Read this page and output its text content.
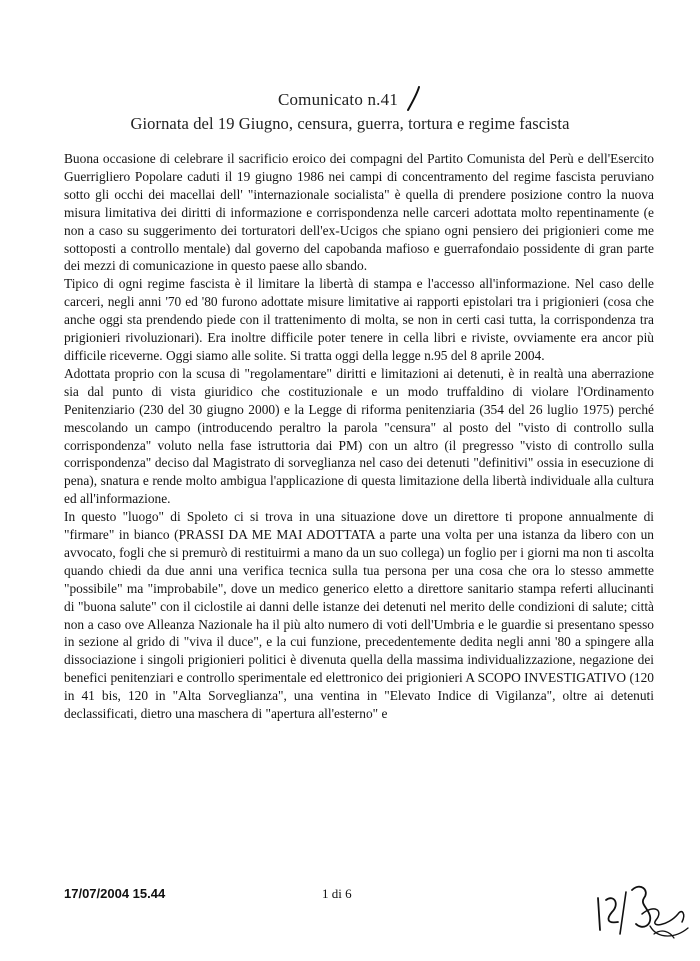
Comunicato n.41
Giornata del 19 Giugno, censura, guerra, tortura e regime fascista

Buona occasione di celebrare il sacrificio eroico dei compagni del Partito Comunista del Perù e dell'Esercito Guerrigliero Popolare caduti il 19 giugno 1986 nei campi di concentramento del regime fascista peruviano sotto gli occhi dei macellai dell' "internazionale socialista" è quella di prendere posizione contro la nuova misura limitativa dei diritti di informazione e corrispondenza nelle carceri adottata molto repentinamente (e non a caso su suggerimento dei torturatori dell'ex-Ucigos che spiano ogni pensiero dei prigionieri come me sottoposti a controllo mentale) dal governo del capobanda mafioso e guerrafondaio possidente di gran parte dei mezzi di comunicazione in questo paese allo sbando.

Tipico di ogni regime fascista è il limitare la libertà di stampa e l'accesso all'informazione. Nel caso delle carceri, negli anni '70 ed '80 furono adottate misure limitative ai rapporti epistolari tra i prigionieri (cosa che anche oggi sta prendendo piede con il trattenimento di molta, se non in certi casi tutta, la corrispondenza tra prigionieri rivoluzionari). Era inoltre difficile poter tenere in cella libri e riviste, ovviamente era ancor più difficile riceverne. Oggi siamo alle solite. Si tratta oggi della legge n.95 del 8 aprile 2004.

Adottata proprio con la scusa di "regolamentare" diritti e limitazioni ai detenuti, è in realtà una aberrazione sia dal punto di vista giuridico che costituzionale e un modo truffaldino di violare l'Ordinamento Penitenziario (230 del 30 giugno 2000) e la Legge di riforma penitenziaria (354 del 26 luglio 1975) perché mescolando un campo (introducendo peraltro la parola "censura" al posto del "visto di controllo sulla corrispondenza" voluto nella fase istruttoria dai PM) con un altro (il pregresso "visto di controllo sulla corrispondenza" deciso dal Magistrato di sorveglianza nel caso dei detenuti "definitivi" ossia in esecuzione di pena), snatura e rende molto ambigua l'applicazione di questa limitazione della libertà individuale alla cultura ed all'informazione.

In questo "luogo" di Spoleto ci si trova in una situazione dove un direttore ti propone annualmente di "firmare" in bianco (PRASSI DA ME MAI ADOTTATA a parte una volta per una istanza da libero con un avvocato, fogli che si premurò di restituirmi a mano da un suo collega) un foglio per i giorni ma non ti ascolta quando chiedi da due anni una verifica tecnica sulla tua persona per una cosa che ora lo stesso ammette "possibile" ma "improbabile", dove un medico generico eletto a direttore sanitario stampa referti allucinanti di "buona salute" con il ciclostile ai danni delle istanze dei detenuti nel merito delle condizioni di salute; città non a caso ove Alleanza Nazionale ha il più alto numero di voti dell'Umbria e le guardie si presentano spesso in sezione al grido di "viva il duce", e la cui funzione, precedentemente dedita negli anni '80 a spingere alla dissociazione i singoli prigionieri politici è divenuta quella della massima individualizzazione, negazione dei benefici penitenziari e controllo sperimentale ed elettronico dei prigionieri A SCOPO INVESTIGATIVO (120 in 41 bis, 120 in "Alta Sorveglianza", una ventina in "Elevato Indice di Vigilanza", oltre ai detenuti declassificati, dietro una maschera di "apertura all'esterno" e

17/07/2004 15.44	1 di 6
